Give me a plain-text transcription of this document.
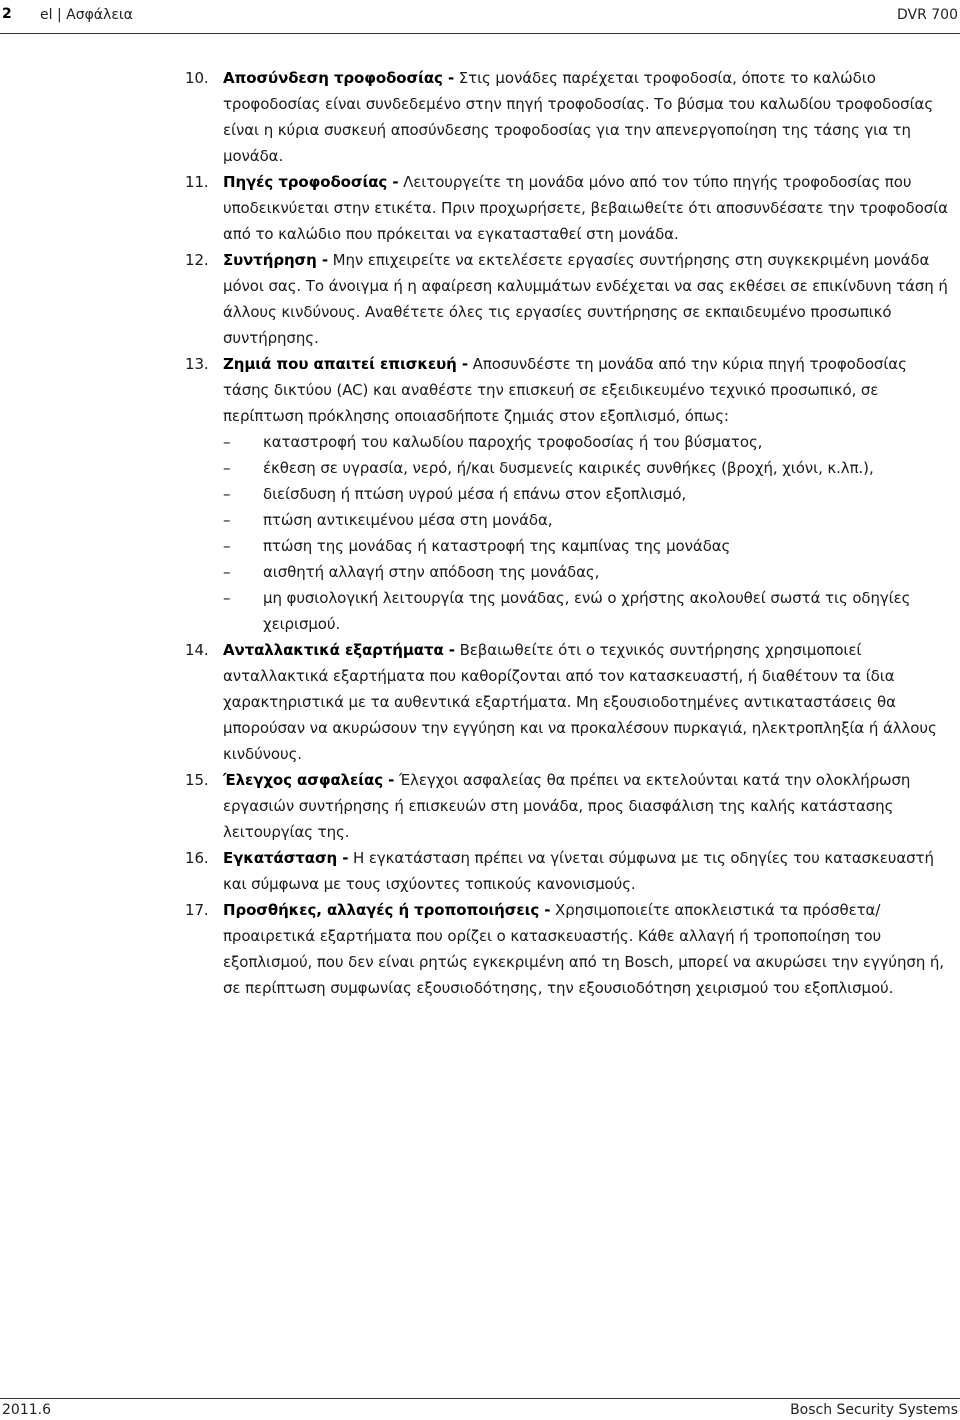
2 el | Ασφάλεια	DVR 700
10. Αποσύνδεση τροφοδοσίας - Στις μονάδες παρέχεται τροφοδοσία, όποτε το καλώδιο τροφοδοσίας είναι συνδεδεμένο στην πηγή τροφοδοσίας. Το βύσμα του καλωδίου τροφοδοσίας είναι η κύρια συσκευή αποσύνδεσης τροφοδοσίας για την απενεργοποίηση της τάσης για τη μονάδα.
11. Πηγές τροφοδοσίας - Λειτουργείτε τη μονάδα μόνο από τον τύπο πηγής τροφοδοσίας που υποδεικνύεται στην ετικέτα. Πριν προχωρήσετε, βεβαιωθείτε ότι αποσυνδέσατε την τροφοδοσία από το καλώδιο που πρόκειται να εγκατασταθεί στη μονάδα.
12. Συντήρηση - Μην επιχειρείτε να εκτελέσετε εργασίες συντήρησης στη συγκεκριμένη μονάδα μόνοι σας. Το άνοιγμα ή η αφαίρεση καλυμμάτων ενδέχεται να σας εκθέσει σε επικίνδυνη τάση ή άλλους κινδύνους. Αναθέτετε όλες τις εργασίες συντήρησης σε εκπαιδευμένο προσωπικό συντήρησης.
13. Ζημιά που απαιτεί επισκευή - Αποσυνδέστε τη μονάδα από την κύρια πηγή τροφοδοσίας τάσης δικτύου (AC) και αναθέστε την επισκευή σε εξειδικευμένο τεχνικό προσωπικό, σε περίπτωση πρόκλησης οποιασδήποτε ζημιάς στον εξοπλισμό, όπως:
– καταστροφή του καλωδίου παροχής τροφοδοσίας ή του βύσματος,
– έκθεση σε υγρασία, νερό, ή/και δυσμενείς καιρικές συνθήκες (βροχή, χιόνι, κ.λπ.),
– διείσδυση ή πτώση υγρού μέσα ή επάνω στον εξοπλισμό,
– πτώση αντικειμένου μέσα στη μονάδα,
– πτώση της μονάδας ή καταστροφή της καμπίνας της μονάδας
– αισθητή αλλαγή στην απόδοση της μονάδας,
– μη φυσιολογική λειτουργία της μονάδας, ενώ ο χρήστης ακολουθεί σωστά τις οδηγίες χειρισμού.
14. Ανταλλακτικά εξαρτήματα - Βεβαιωθείτε ότι ο τεχνικός συντήρησης χρησιμοποιεί ανταλλακτικά εξαρτήματα που καθορίζονται από τον κατασκευαστή, ή διαθέτουν τα ίδια χαρακτηριστικά με τα αυθεντικά εξαρτήματα. Μη εξουσιοδοτημένες αντικαταστάσεις θα μπορούσαν να ακυρώσουν την εγγύηση και να προκαλέσουν πυρκαγιά, ηλεκτροπληξία ή άλλους κινδύνους.
15. Έλεγχος ασφαλείας - Έλεγχοι ασφαλείας θα πρέπει να εκτελούνται κατά την ολοκλήρωση εργασιών συντήρησης ή επισκευών στη μονάδα, προς διασφάλιση της καλής κατάστασης λειτουργίας της.
16. Εγκατάσταση - Η εγκατάσταση πρέπει να γίνεται σύμφωνα με τις οδηγίες του κατασκευαστή και σύμφωνα με τους ισχύοντες τοπικούς κανονισμούς.
17. Προσθήκες, αλλαγές ή τροποποιήσεις - Χρησιμοποιείτε αποκλειστικά τα πρόσθετα/ προαιρετικά εξαρτήματα που ορίζει ο κατασκευαστής. Κάθε αλλαγή ή τροποποίηση του εξοπλισμού, που δεν είναι ρητώς εγκεκριμένη από τη Bosch, μπορεί να ακυρώσει την εγγύηση ή, σε περίπτωση συμφωνίας εξουσιοδότησης, την εξουσιοδότηση χειρισμού του εξοπλισμού.
2011.6	Bosch Security Systems
